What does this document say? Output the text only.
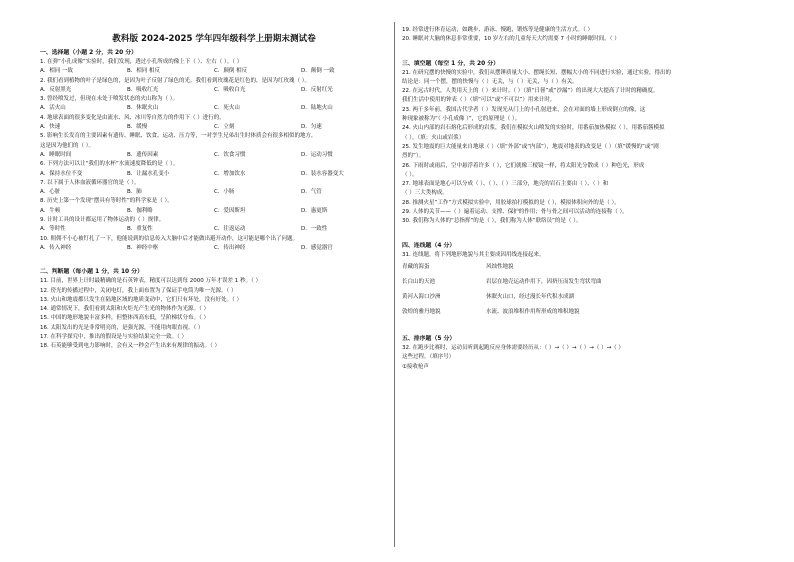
教科版 2024-2025 学年四年级科学上册期末测试卷
一、选择题（小题 2 分，共 20 分）
1. 在弹“小孔成像”实验时，我们发现，透过小孔所成的像上下（ ）、左右（ ）。（ ）
A．相同 一致	B．相同 相反	C．颠倒 相反	D．颠倒 一致
2. 我们看到植物的叶子是绿色的，是因为叶子反射了绿色的光。我们看到玫瑰花是红色的，是因为红玫瑰（ ）。
A．反射黑光	B．吸收红光	C．吸收白光	D．反射红光
3. 曾经喷发过，但现在未处于喷发状态的火山称为（ ）。
A．活火山	B．休眠火山	C．死火山	D．陆地火山
4. 地球表面的很多变化是由流水、风、冰川等自然力的作用下（ ）进行的。
A．快速	B．缓慢	C．立刻	D．匀速
5. 影响生长发育的主要因素有遗传、睡眠、饮食、运动、压力等，一对孪生兄弟出生时体质会有很多相似的地方，
这是因为他们的（ ）。
A．睡眠时间	B．遗传因素	C．饮食习惯	D．运动习惯
6. 下列方法可以让“我们的水杯”水流速度降低的是（ ）。
A．保持水位不变	B．让漏水孔变小	C．增加饮水	D．装水容器变大
7. 以下属于人体血液循环器官的是（ ）。
A．心脏	B．肺	C．小肠	D．气管
8. 历史上第一个发现“摆具有等时性”的科学家是（ ）。
A．牛顿	B．伽利略	C．爱因斯坦	D．惠更斯
9. 计时工具的设计都运用了物体运动的（ ）规律。
A．等时性	B．重复性	C．往返运动	D．一致性
10. 佣佣不小心被钉扎了一下，他能说到的信息传入大脑中后才能做出避开动作，这可能是哪个出了问题。
A．传入神经	B．神经中枢	C．传出神经	D．感觉器官
二、判断题（每小题 1 分，共 10 分）
11. 目前，世界上计时最精确的是石英钟表，精度可以达到每 2000 万年才误差 1 秒。（ ）
12. 傍光的传播过程中，关闭电灯，我上面布置为了保证手电筒为唯一光源。（ ）
13. 火山和地震都只发生在陆地区域的地质变动中，它们只有坏处，没有好处。（ ）
14. 通常情况下，我们看到太阳和火炬光产生光的物体作为光源。（ ）
15. 中国的地形地貌丰富多样，但整体西高东低，呈阶梯状分布。（ ）
16. 太阳发出的光是非常明亮的，是强光源，不能用肉眼直视。（ ）
17. 在科学探究中，推出的假设是与实验结果完全一致。（ ）
18. 石英能够受到电力影响时，会有又一秒会产生出来有规律的振动。（ ）
19. 经常进行体育运动，如跳步、游泳、慢跑，锻炼等是健康的生活方式。（ ）
20. 睡眠对大脑的休息非常重要，10 岁左右的儿童每天大约需要 7 小时的睡眠时间。（ ）
三、填空题（每空 1 分，共 20 分）
21. 在研究摆的快慢的实验中，我们从摆锤质量大小、摆绳长短、摆幅大小的不同进行实验，通过实验，得出的
结论是：同一个摆，摆的快慢与（ ）无关，与（ ）无关，与（ ）有关。
22. 在远古时代，人类用天上的（ ）来计时。（ ）（填“日晷”或“沙漏”）的出现大大提高了计时的精确度。
我们生活中使用的钟表（ ）（填“可以”或“不可以”）用来计时。
23. 两千多年前，我国古代学者（ ）发现光从门上的小孔射进来，会在对面的墙上形成倒立的像，这
种现象被称为“（ 小孔成像 ）”，它的原理是（ ）。
24. 火山内部的岩石熔化后形成的岩浆，我们在模拟火山喷发的实验时，用番茄加热模拟（ ），用番茄酱模拟
（ ）。（填：火山或岩浆）
25. 发生地震的巨大能量来自地球（ ）（填“外部”或“内部”），地震对地表的改变是（ ）（填“缓慢的”或“剧
烈的”）。
26. 下雨时或雨后，空中悬浮着许多（ ），它们就像三棱镜一样，将太阳光分散成（ ）种色光，形成
（ ）。
27. 地球表面是地心可以分成（ ）、（ ）、（ ）三部分，地壳的岩石主要由（ ）、（ ）和
（ ）三大类构成。
28. 推测火星“工作”方式模拟实验中，用胶球拍打模拟的是（ ），模拟体积向外的是（ ）。
29. 人体的关节——（ ）遍着运动、支撑、保护的作用；骨与骨之间可以活动的连接称（ ）。
30. 我们称为人体的“总指挥”的是（ ），我们称为人体“联络员”的是（ ）。
四、连线题（4 分）
31. 连线题。将下列地形地貌与其主要成因用线连接起来。
青藏的海蛋	风蚀性地貌
长白山的天池	岩层在地壳运动作用下，因挤压而发生弯状弯曲
黄河入海口沙洲	休眠火山口，经过漫长年代积水成湖
敦煌的雅丹地貌	水流、波浪堆积作用所形成的堆积地貌
五、排序题（5 分）
32. 在跑步比赛时，运动员听到起跑反应身体需要经历从：（ ）→（ ）→（ ）→（ ）→（ ）
这些过程。（填序号）
①接收枪声
